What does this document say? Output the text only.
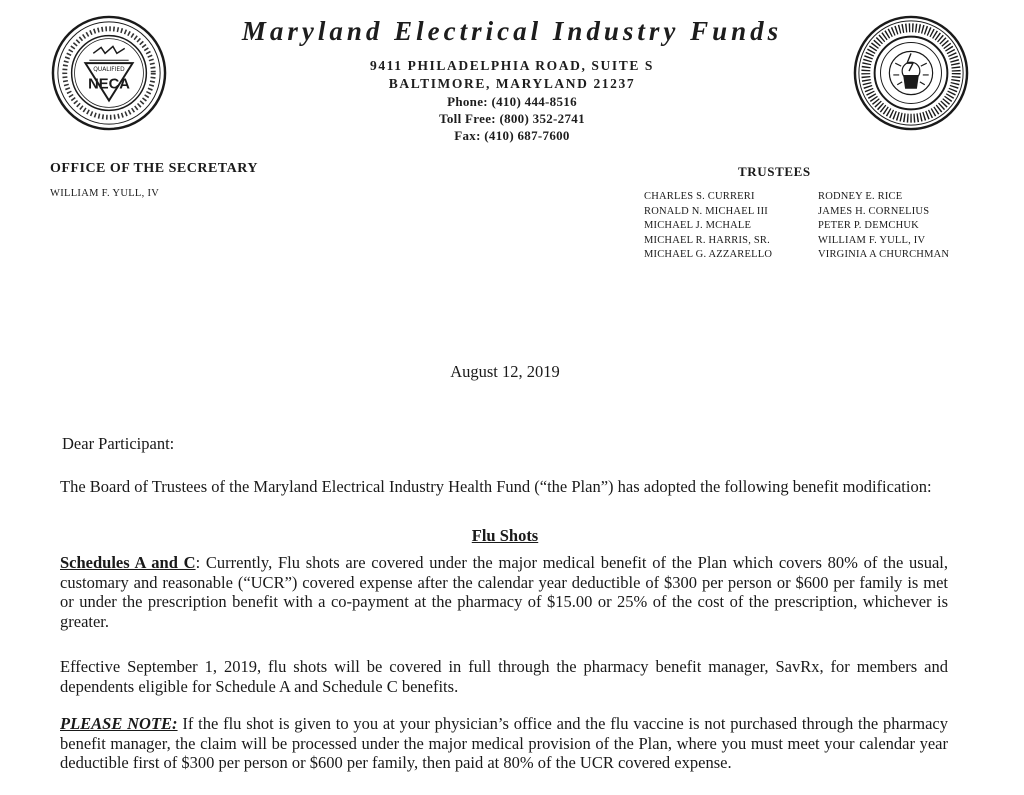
QUALIFIED
NECA
Maryland Electrical Industry Funds
9411 PHILADELPHIA ROAD, SUITE S
BALTIMORE, MARYLAND 21237
Phone: (410) 444-8516
Toll Free: (800) 352-2741
Fax: (410) 687-7600
OFFICE OF THE SECRETARY
WILLIAM F. YULL, IV
TRUSTEES
CHARLES S. CURRERI
RONALD N. MICHAEL III
MICHAEL J. MCHALE
MICHAEL R. HARRIS, SR.
MICHAEL G. AZZARELLO
RODNEY E. RICE
JAMES H. CORNELIUS
PETER P. DEMCHUK
WILLIAM F. YULL, IV
VIRGINIA A CHURCHMAN
August 12, 2019
Dear Participant:
The Board of Trustees of the Maryland Electrical Industry Health Fund (“the Plan”) has adopted the following benefit modification:
Flu Shots
Schedules A and C: Currently, Flu shots are covered under the major medical benefit of the Plan which covers 80% of the usual, customary and reasonable (“UCR”) covered expense after the calendar year deductible of $300 per person or $600 per family is met or under the prescription benefit with a co-payment at the pharmacy of $15.00 or 25% of the cost of the prescription, whichever is greater.
Effective September 1, 2019, flu shots will be covered in full through the pharmacy benefit manager, SavRx, for members and dependents eligible for Schedule A and Schedule C benefits.
PLEASE NOTE: If the flu shot is given to you at your physician’s office and the flu vaccine is not purchased through the pharmacy benefit manager, the claim will be processed under the major medical provision of the Plan, where you must meet your calendar year deductible first of $300 per person or $600 per family, then paid at 80% of the UCR covered expense.
